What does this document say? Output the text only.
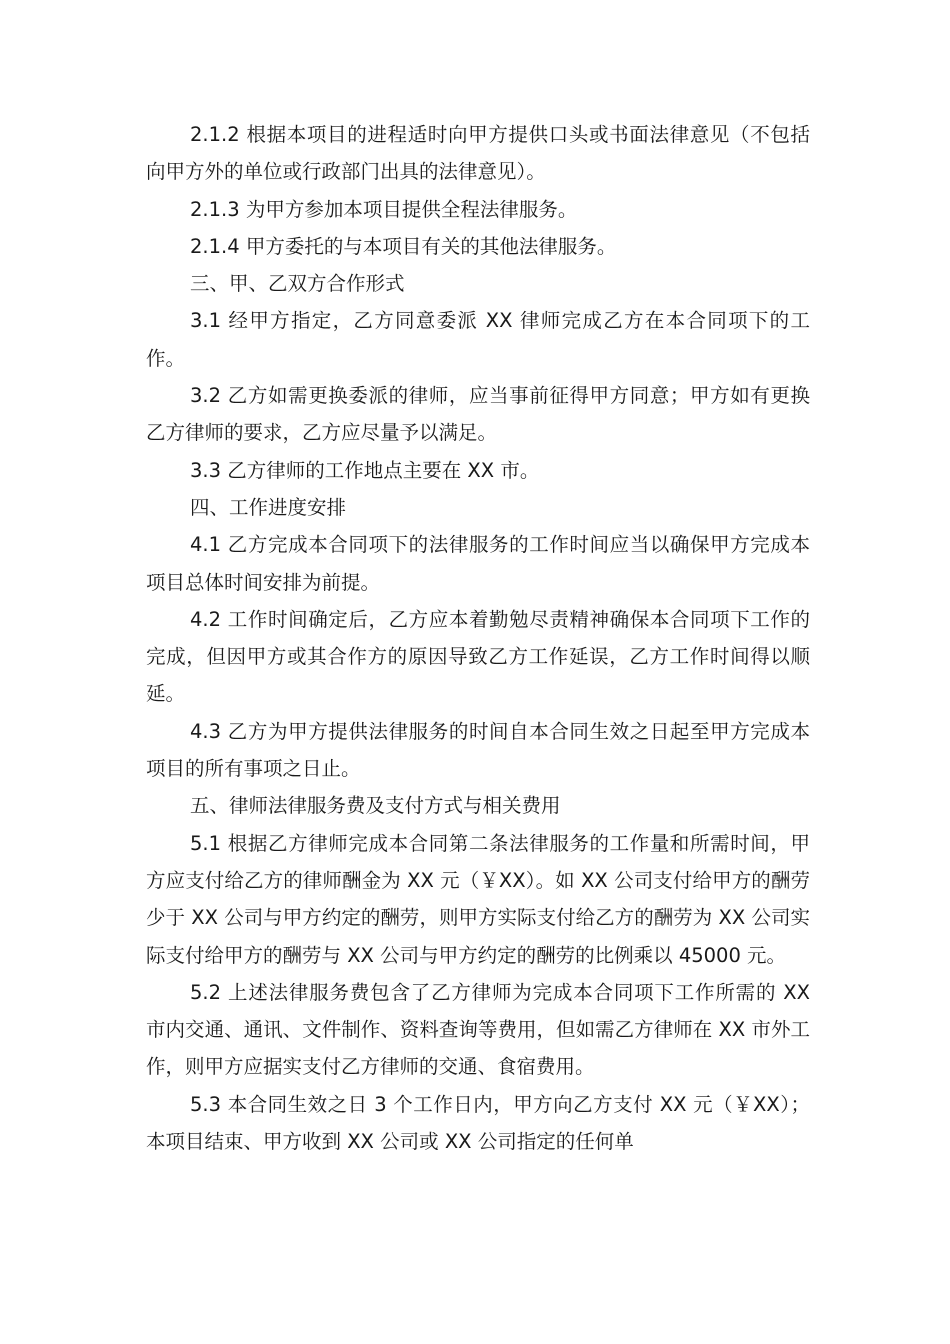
2.1.2 根据本项目的进程适时向甲方提供口头或书面法律意见（不包括向甲方外的单位或行政部门出具的法律意见）。

2.1.3 为甲方参加本项目提供全程法律服务。

2.1.4 甲方委托的与本项目有关的其他法律服务。

三、甲、乙双方合作形式

3.1 经甲方指定，乙方同意委派 XX 律师完成乙方在本合同项下的工作。

3.2 乙方如需更换委派的律师，应当事前征得甲方同意；甲方如有更换乙方律师的要求，乙方应尽量予以满足。

3.3 乙方律师的工作地点主要在 XX 市。

四、工作进度安排

4.1 乙方完成本合同项下的法律服务的工作时间应当以确保甲方完成本项目总体时间安排为前提。

4.2 工作时间确定后，乙方应本着勤勉尽责精神确保本合同项下工作的完成，但因甲方或其合作方的原因导致乙方工作延误，乙方工作时间得以顺延。

4.3 乙方为甲方提供法律服务的时间自本合同生效之日起至甲方完成本项目的所有事项之日止。

五、律师法律服务费及支付方式与相关费用

5.1 根据乙方律师完成本合同第二条法律服务的工作量和所需时间，甲方应支付给乙方的律师酬金为 XX 元（￥XX）。如 XX 公司支付给甲方的酬劳少于 XX 公司与甲方约定的酬劳，则甲方实际支付给乙方的酬劳为 XX 公司实际支付给甲方的酬劳与 XX 公司与甲方约定的酬劳的比例乘以 45000 元。

5.2 上述法律服务费包含了乙方律师为完成本合同项下工作所需的 XX 市内交通、通讯、文件制作、资料查询等费用，但如需乙方律师在 XX 市外工作，则甲方应据实支付乙方律师的交通、食宿费用。

5.3 本合同生效之日 3 个工作日内，甲方向乙方支付 XX 元（￥XX）；本项目结束、甲方收到 XX 公司或 XX 公司指定的任何单
